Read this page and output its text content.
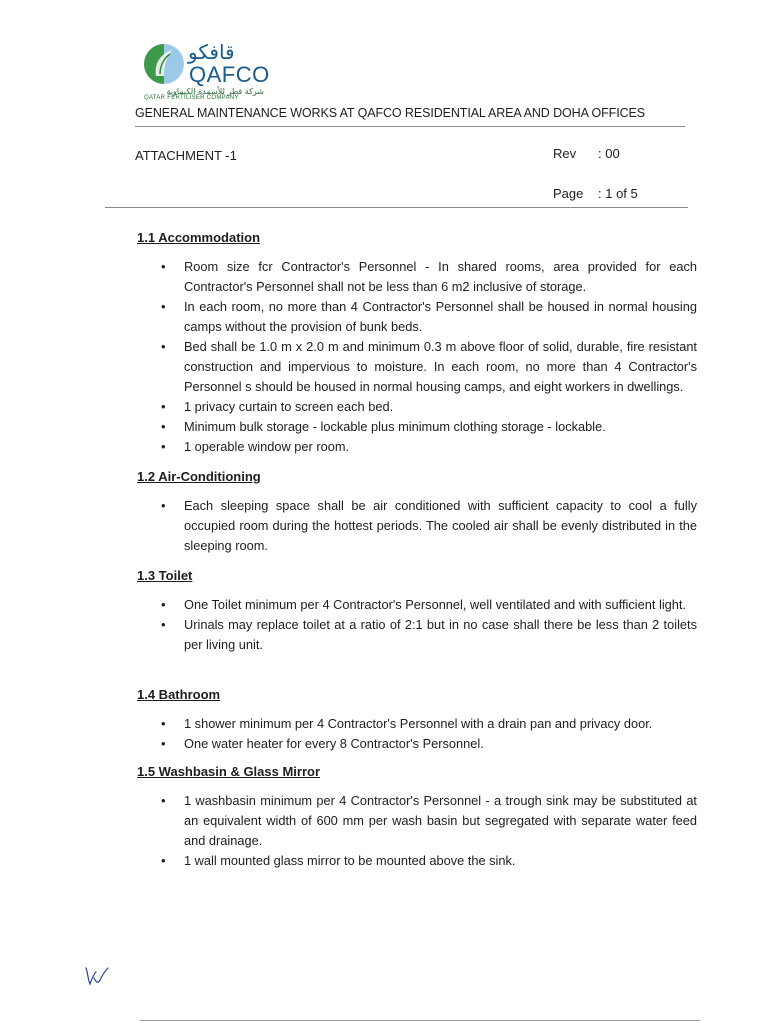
قافكو
QAFCO
شركة قطر للأسمدة الكيماوية
QATAR FERTILISER COMPANY
GENERAL MAINTENANCE WORKS AT QAFCO RESIDENTIAL AREA AND DOHA OFFICES
ATTACHMENT -1	Rev : 00
Page : 1 of 5
1.1 Accommodation
• Room size fcr Contractor's Personnel - In shared rooms, area provided for each Contractor's Personnel shall not be less than 6 m2 inclusive of storage.
• In each room, no more than 4 Contractor's Personnel shall be housed in normal housing camps without the provision of bunk beds.
• Bed shall be 1.0 m x 2.0 m and minimum 0.3 m above floor of solid, durable, fire resistant construction and impervious to moisture. In each room, no more than 4 Contractor's Personnel s should be housed in normal housing camps, and eight workers in dwellings.
• 1 privacy curtain to screen each bed.
• Minimum bulk storage - lockable plus minimum clothing storage - lockable.
• 1 operable window per room.
1.2 Air-Conditioning
• Each sleeping space shall be air conditioned with sufficient capacity to cool a fully occupied room during the hottest periods. The cooled air shall be evenly distributed in the sleeping room.
1.3 Toilet
• One Toilet minimum per 4 Contractor's Personnel, well ventilated and with sufficient light.
• Urinals may replace toilet at a ratio of 2:1 but in no case shall there be less than 2 toilets per living unit.
1.4 Bathroom
• 1 shower minimum per 4 Contractor's Personnel with a drain pan and privacy door.
• One water heater for every 8 Contractor's Personnel.
1.5 Washbasin & Glass Mirror
• 1 washbasin minimum per 4 Contractor's Personnel - a trough sink may be substituted at an equivalent width of 600 mm per wash basin but segregated with separate water feed and drainage.
• 1 wall mounted glass mirror to be mounted above the sink.
